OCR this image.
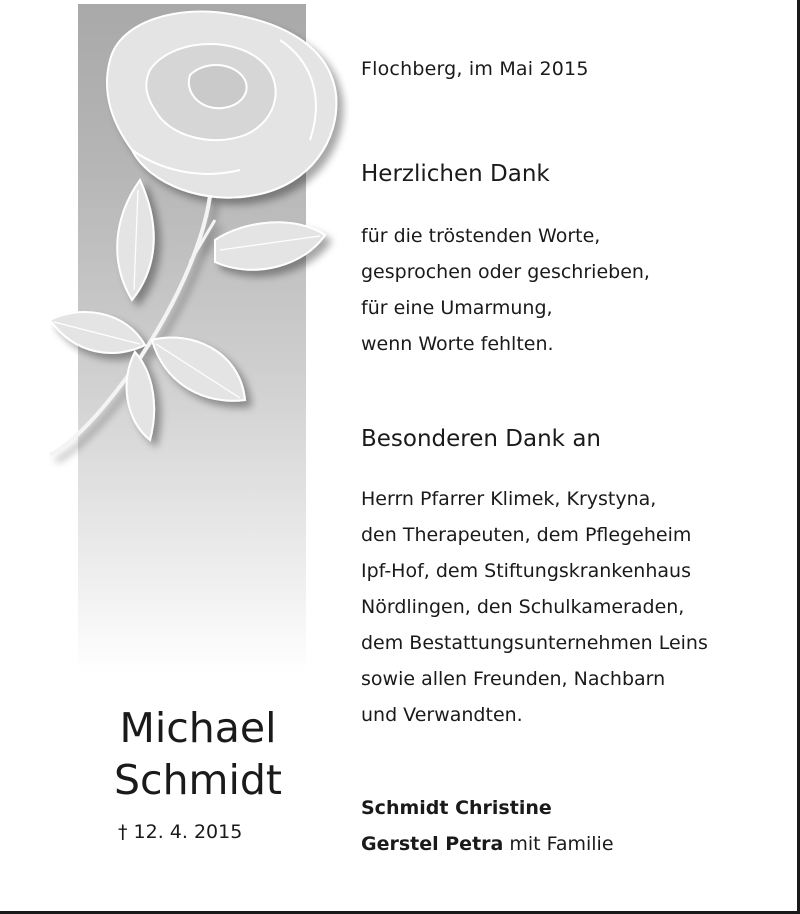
Flochberg, im Mai 2015
Herzlichen Dank
für die tröstenden Worte,
gesprochen oder geschrieben,
für eine Umarmung,
wenn Worte fehlten.
Besonderen Dank an
Herrn Pfarrer Klimek, Krystyna,
den Therapeuten, dem Pflegeheim
Ipf-Hof, dem Stiftungskrankenhaus
Nördlingen, den Schulkameraden,
dem Bestattungsunternehmen Leins
sowie allen Freunden, Nachbarn
und Verwandten.
Schmidt Christine
Gerstel Petra mit Familie
Michael
Schmidt
† 12. 4. 2015
